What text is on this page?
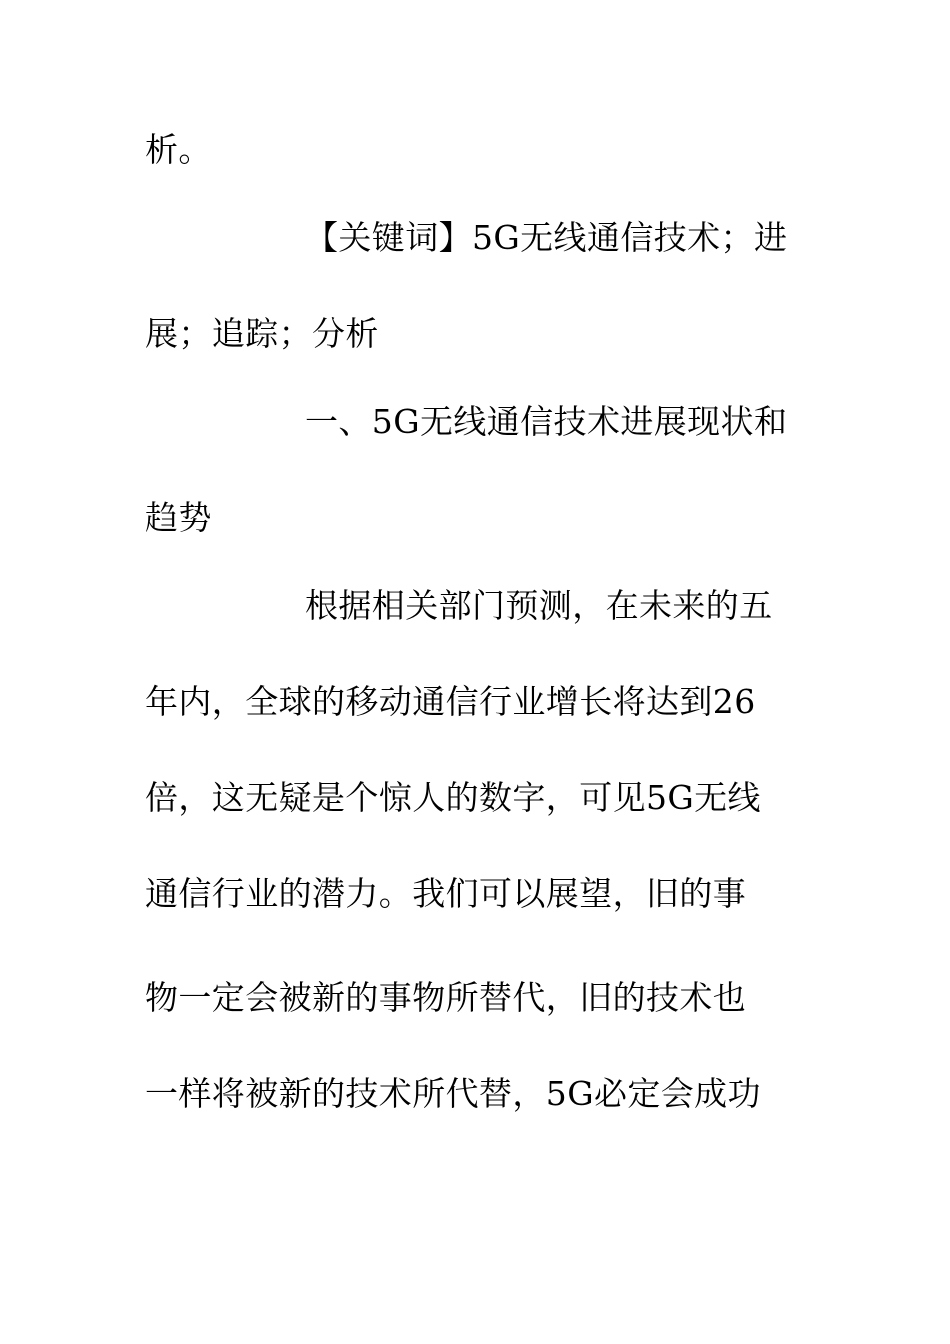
析。
【关键词】5G无线通信技术；进
展；追踪；分析
一、5G无线通信技术进展现状和
趋势
根据相关部门预测，在未来的五
年内，全球的移动通信行业增长将达到26
倍，这无疑是个惊人的数字，可见5G无线
通信行业的潜力。我们可以展望，旧的事
物一定会被新的事物所替代，旧的技术也
一样将被新的技术所代替，5G必定会成功
